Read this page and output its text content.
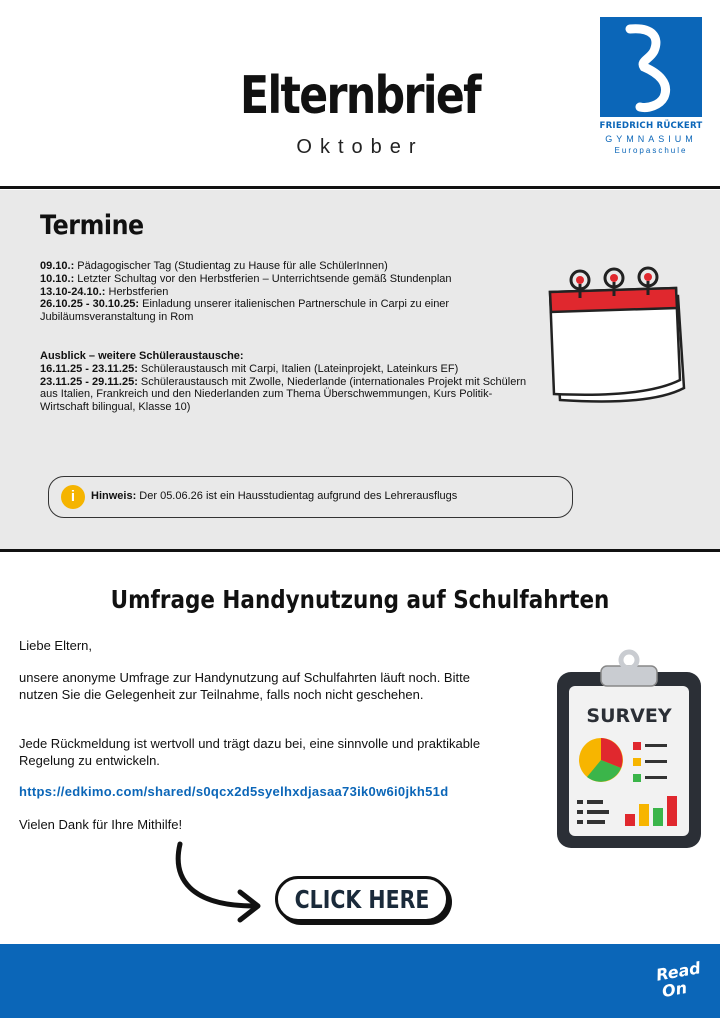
Elternbrief
Oktober
FRIEDRICH RÜCKERT
GYMNASIUM
Europaschule
Termine
09.10.: Pädagogischer Tag (Studientag zu Hause für alle SchülerInnen)
10.10.: Letzter Schultag vor den Herbstferien – Unterrichtsende gemäß Stundenplan
13.10-24.10.: Herbstferien
26.10.25 - 30.10.25: Einladung unserer italienischen Partnerschule in Carpi zu einer Jubiläumsveranstaltung in Rom
Ausblick – weitere Schüleraustausche:
16.11.25 - 23.11.25: Schüleraustausch mit Carpi, Italien (Lateinprojekt, Lateinkurs EF)
23.11.25 - 29.11.25: Schüleraustausch mit Zwolle, Niederlande (internationales Projekt mit Schülern aus Italien, Frankreich und den Niederlanden zum Thema Überschwemmungen, Kurs Politik-Wirtschaft bilingual, Klasse 10)
i	Hinweis: Der 05.06.26 ist ein Hausstudientag aufgrund des Lehrerausflugs
Umfrage Handynutzung auf Schulfahrten
Liebe Eltern,
unsere anonyme Umfrage zur Handynutzung auf Schulfahrten läuft noch. Bitte nutzen Sie die Gelegenheit zur Teilnahme, falls noch nicht geschehen.
Jede Rückmeldung ist wertvoll und trägt dazu bei, eine sinnvolle und praktikable Regelung zu entwickeln.
https://edkimo.com/shared/s0qcx2d5syelhxdjasaa73ik0w6i0jkh51d
Vielen Dank für Ihre Mithilfe!
SURVEY
CLICK HERE
Read
On
